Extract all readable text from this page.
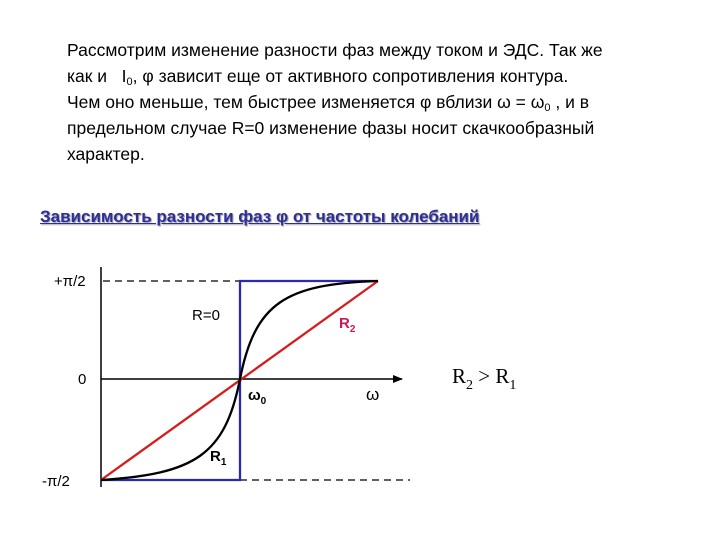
Рассмотрим изменение разности фаз между током и ЭДС. Так же
как и $I_0$, φ зависит еще от активного сопротивления контура.
Чем оно меньше, тем быстрее изменяется φ вблизи $\omega = \omega_0$ , и в
предельном случае R=0 изменение фазы носит скачкообразный
характер.
Зависимость разности фаз φ от частоты колебаний
+π/2
0
-π/2
R=0	$R_2$
$R_1$
$\omega_0$	ω
$R_2 > R_1$
